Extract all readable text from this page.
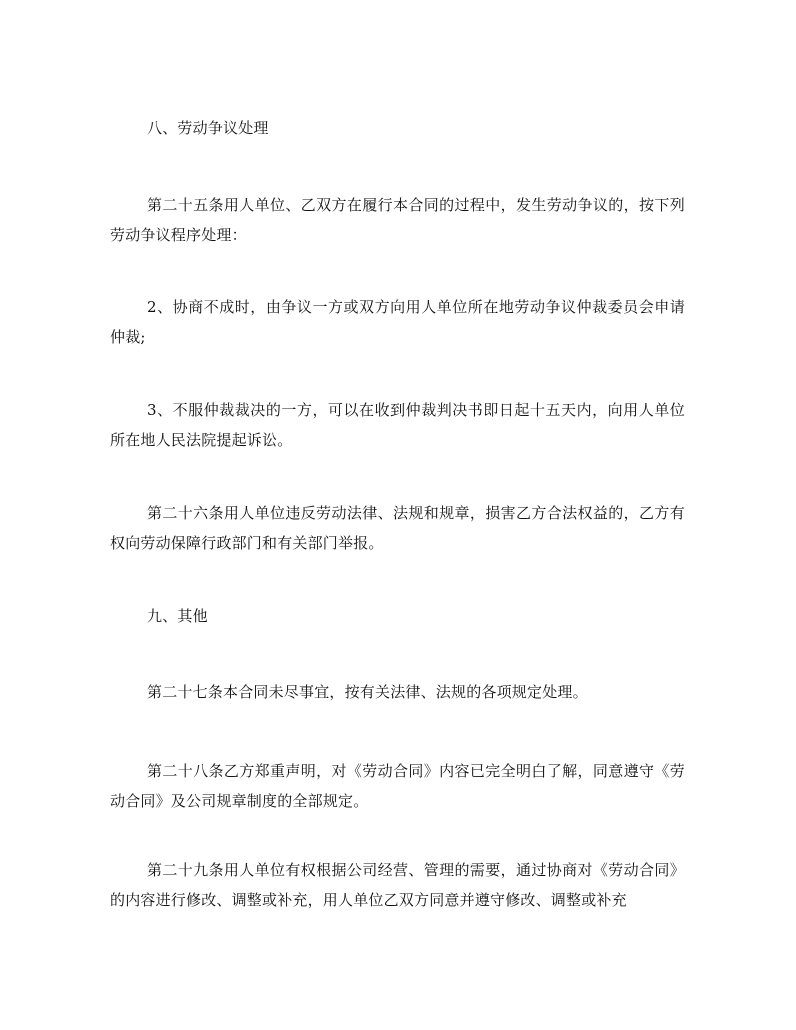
八、劳动争议处理

第二十五条用人单位、乙双方在履行本合同的过程中，发生劳动争议的，按下列劳动争议程序处理：

2、协商不成时，由争议一方或双方向用人单位所在地劳动争议仲裁委员会申请仲裁;

3、不服仲裁裁决的一方，可以在收到仲裁判决书即日起十五天内，向用人单位所在地人民法院提起诉讼。

第二十六条用人单位违反劳动法律、法规和规章，损害乙方合法权益的，乙方有权向劳动保障行政部门和有关部门举报。

九、其他

第二十七条本合同未尽事宜，按有关法律、法规的各项规定处理。

第二十八条乙方郑重声明，对《劳动合同》内容已完全明白了解，同意遵守《劳动合同》及公司规章制度的全部规定。

第二十九条用人单位有权根据公司经营、管理的需要，通过协商对《劳动合同》的内容进行修改、调整或补充，用人单位乙双方同意并遵守修改、调整或补充
